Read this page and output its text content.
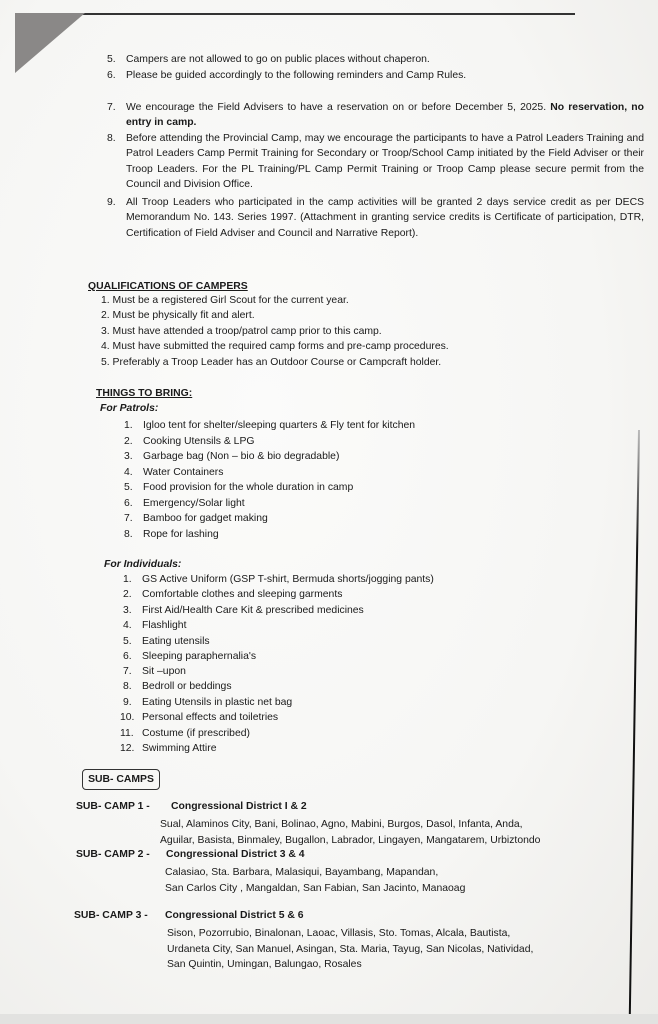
5. Campers are not allowed to go on public places without chaperon.
6. Please be guided accordingly to the following reminders and Camp Rules.
7. We encourage the Field Advisers to have a reservation on or before December 5, 2025. No reservation, no entry in camp.
8. Before attending the Provincial Camp, may we encourage the participants to have a Patrol Leaders Training and Patrol Leaders Camp Permit Training for Secondary or Troop/School Camp initiated by the Field Adviser or their Troop Leaders. For the PL Training/PL Camp Permit Training or Troop Camp please secure permit from the Council and Division Office.
9. All Troop Leaders who participated in the camp activities will be granted 2 days service credit as per DECS Memorandum No. 143. Series 1997. (Attachment in granting service credits is Certificate of participation, DTR, Certification of Field Adviser and Council and Narrative Report).
QUALIFICATIONS OF CAMPERS
1. Must be a registered Girl Scout for the current year.
2. Must be physically fit and alert.
3. Must have attended a troop/patrol camp prior to this camp.
4. Must have submitted the required camp forms and pre-camp procedures.
5. Preferably a Troop Leader has an Outdoor Course or Campcraft holder.
THINGS TO BRING:
For Patrols:
1. Igloo tent for shelter/sleeping quarters & Fly tent for kitchen
2. Cooking Utensils & LPG
3. Garbage bag (Non – bio & bio degradable)
4. Water Containers
5. Food provision for the whole duration in camp
6. Emergency/Solar light
7. Bamboo for gadget making
8. Rope for lashing
For Individuals:
1. GS Active Uniform (GSP T-shirt, Bermuda shorts/jogging pants)
2. Comfortable clothes and sleeping garments
3. First Aid/Health Care Kit & prescribed medicines
4. Flashlight
5. Eating utensils
6. Sleeping paraphernalia's
7. Sit –upon
8. Bedroll or beddings
9. Eating Utensils in plastic net bag
10. Personal effects and toiletries
11. Costume (if prescribed)
12. Swimming Attire
SUB- CAMPS
SUB- CAMP 1 - Congressional District I & 2
Sual, Alaminos City, Bani, Bolinao, Agno, Mabini, Burgos, Dasol, Infanta, Anda,
Aguilar, Basista, Binmaley, Bugallon, Labrador, Lingayen, Mangatarem, Urbiztondo
SUB- CAMP 2 - Congressional District 3 & 4
Calasiao, Sta. Barbara, Malasiqui, Bayambang, Mapandan,
San Carlos City , Mangaldan, San Fabian, San Jacinto, Manaoag
SUB- CAMP 3 - Congressional District 5 & 6
Sison, Pozorrubio, Binalonan, Laoac, Villasis, Sto. Tomas, Alcala, Bautista,
Urdaneta City, San Manuel, Asingan, Sta. Maria, Tayug, San Nicolas, Natividad,
San Quintin, Umingan, Balungao, Rosales
